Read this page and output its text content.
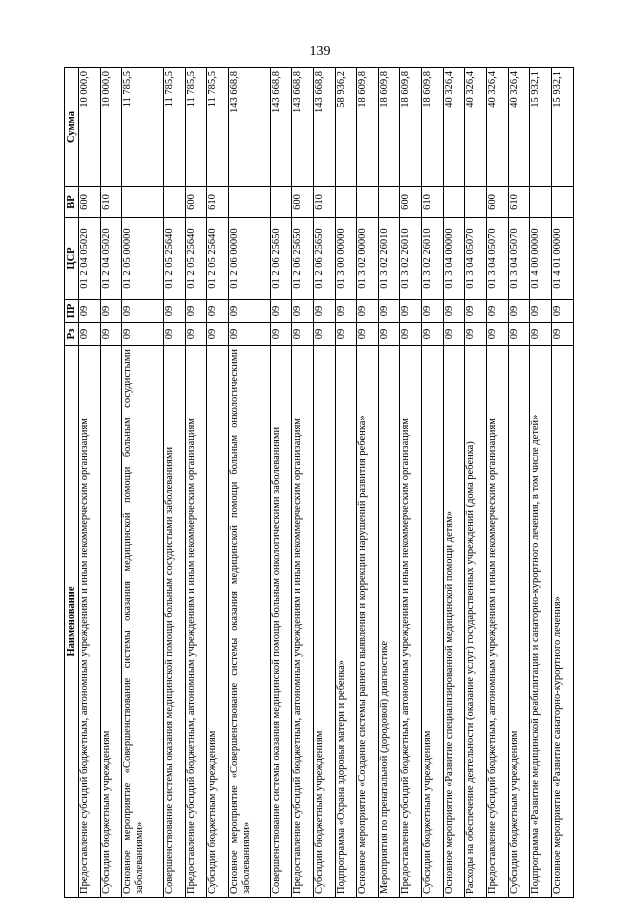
139
Наименование	Рз	ПР	ЦСР	ВР	Сумма
Предоставление субсидий бюджетным, автономным учреждениям и иным некоммерческим организациям	09	09	01 2 04 05020	600	10 000,0
Субсидии бюджетным учреждениям	09	09	01 2 04 05020	610	10 000,0
Основное мероприятие «Совершенствование системы оказания медицинской помощи больным сосудистыми заболеваниями»	09	09	01 2 05 00000		11 785,5
Совершенствование системы оказания медицинской помощи больным сосудистыми заболеваниями	09	09	01 2 05 25640		11 785,5
Предоставление субсидий бюджетным, автономным учреждениям и иным некоммерческим организациям	09	09	01 2 05 25640	600	11 785,5
Субсидии бюджетным учреждениям	09	09	01 2 05 25640	610	11 785,5
Основное мероприятие «Совершенствование системы оказания медицинской помощи больным онкологическими заболеваниями»	09	09	01 2 06 00000		143 668,8
Совершенствование системы оказания медицинской помощи больным онкологическими заболеваниями	09	09	01 2 06 25650		143 668,8
Предоставление субсидий бюджетным, автономным учреждениям и иным некоммерческим организациям	09	09	01 2 06 25650	600	143 668,8
Субсидии бюджетным учреждениям	09	09	01 2 06 25650	610	143 668,8
Подпрограмма «Охрана здоровья матери и ребенка»	09	09	01 3 00 00000		58 936,2
Основное мероприятие «Создание системы раннего выявления и коррекции нарушений развития ребенка»	09	09	01 3 02 00000		18 609,8
Мероприятия по пренатальной (дородовой) диагностике	09	09	01 3 02 26010		18 609,8
Предоставление субсидий бюджетным, автономным учреждениям и иным некоммерческим организациям	09	09	01 3 02 26010	600	18 609,8
Субсидии бюджетным учреждениям	09	09	01 3 02 26010	610	18 609,8
Основное мероприятие «Развитие специализированной медицинской помощи детям»	09	09	01 3 04 00000		40 326,4
Расходы на обеспечение деятельности (оказание услуг) государственных учреждений (дома ребенка)	09	09	01 3 04 05070		40 326,4
Предоставление субсидий бюджетным, автономным учреждениям и иным некоммерческим организациям	09	09	01 3 04 05070	600	40 326,4
Субсидии бюджетным учреждениям	09	09	01 3 04 05070	610	40 326,4
Подпрограмма «Развитие медицинской реабилитации и санаторно-курортного лечения, в том числе детей»	09	09	01 4 00 00000		15 932,1
Основное мероприятие «Развитие санаторно-курортного лечения»	09	09	01 4 01 00000		15 932,1
